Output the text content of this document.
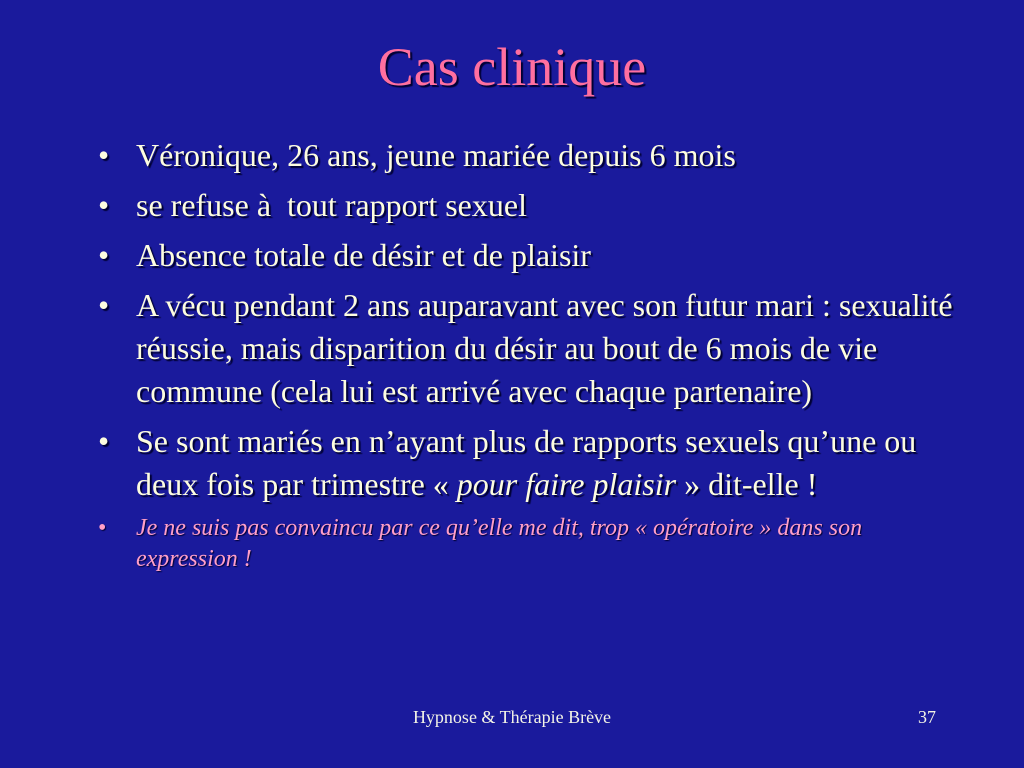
Cas clinique
• Véronique, 26 ans, jeune mariée depuis 6 mois
• se refuse à  tout rapport sexuel
• Absence totale de désir et de plaisir
• A vécu pendant 2 ans auparavant avec son futur mari : sexualité réussie, mais disparition du désir au bout de 6 mois de vie commune (cela lui est arrivé avec chaque partenaire)
• Se sont mariés en n’ayant plus de rapports sexuels qu’une ou deux fois par trimestre « pour faire plaisir » dit-elle !
• Je ne suis pas convaincu par ce qu’elle me dit, trop « opératoire » dans son expression !
Hypnose & Thérapie Brève	37
